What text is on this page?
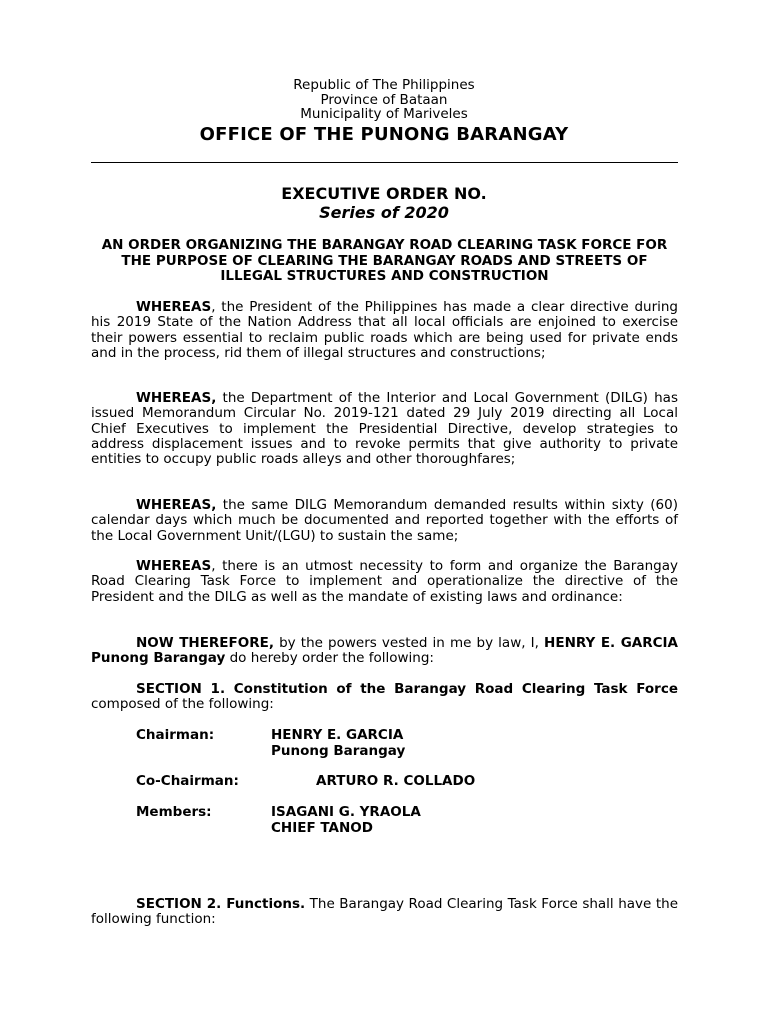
Republic of The Philippines
Province of Bataan
Municipality of Mariveles
OFFICE OF THE PUNONG BARANGAY
EXECUTIVE ORDER NO.
Series of 2020
AN ORDER ORGANIZING THE BARANGAY ROAD CLEARING TASK FORCE FOR THE PURPOSE OF CLEARING THE BARANGAY ROADS AND STREETS OF ILLEGAL STRUCTURES AND CONSTRUCTION

WHEREAS, the President of the Philippines has made a clear directive during his 2019 State of the Nation Address that all local officials are enjoined to exercise their powers essential to reclaim public roads which are being used for private ends and in the process, rid them of illegal structures and constructions;

WHEREAS, the Department of the Interior and Local Government (DILG) has issued Memorandum Circular No. 2019-121 dated 29 July 2019 directing all Local Chief Executives to implement the Presidential Directive, develop strategies to address displacement issues and to revoke permits that give authority to private entities to occupy public roads alleys and other thoroughfares;

WHEREAS, the same DILG Memorandum demanded results within sixty (60) calendar days which much be documented and reported together with the efforts of the Local Government Unit/(LGU) to sustain the same;

WHEREAS, there is an utmost necessity to form and organize the Barangay Road Clearing Task Force to implement and operationalize the directive of the President and the DILG as well as the mandate of existing laws and ordinance:

NOW THEREFORE, by the powers vested in me by law, I, HENRY E. GARCIA Punong Barangay do hereby order the following:

SECTION 1. Constitution of the Barangay Road Clearing Task Force composed of the following:

Chairman:	HENRY E. GARCIA
Punong Barangay
Co-Chairman:	ARTURO R. COLLADO
Members:	ISAGANI G. YRAOLA
CHIEF TANOD

SECTION 2. Functions. The Barangay Road Clearing Task Force shall have the following function:
